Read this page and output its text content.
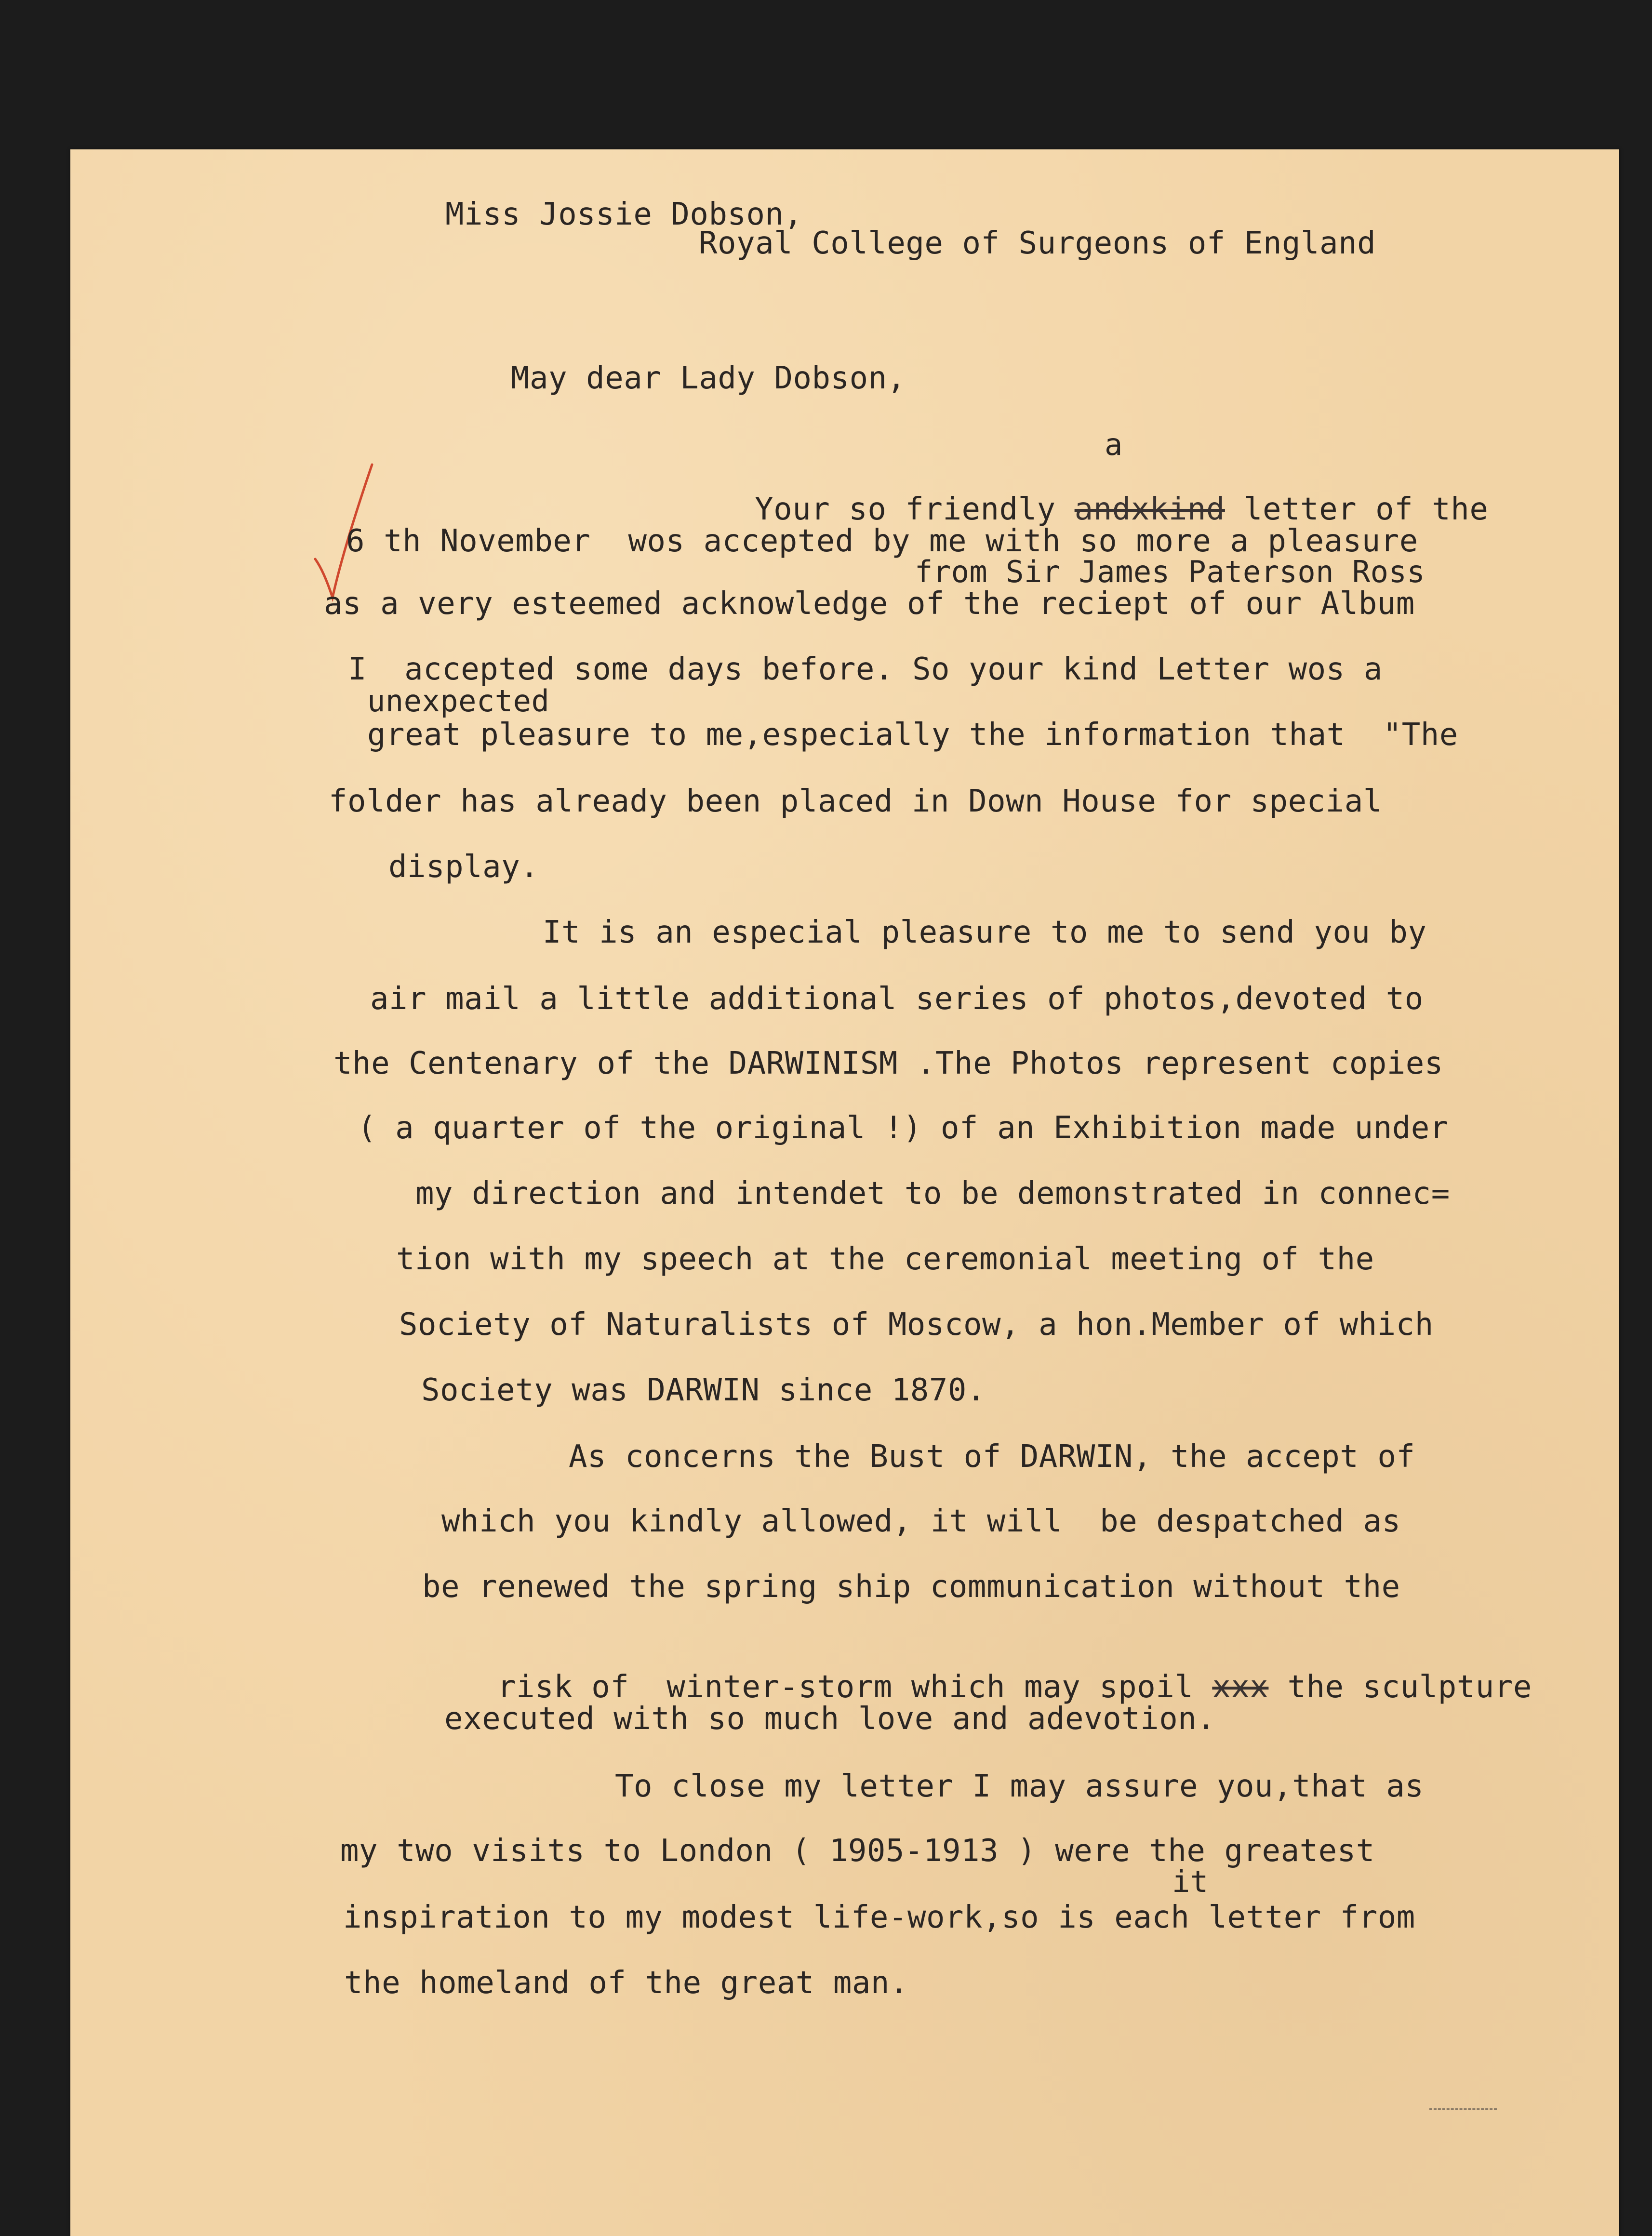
Miss Jossie Dobson,
Royal College of Surgeons of England
May dear Lady Dobson,
a

Your so friendly andxkind letter of the

6 th November  wos accepted by me with so more a pleasure
from Sir James Paterson Ross
as a very esteemed acknowledge of the reciept of our Album
I  accepted some days before. So your kind Letter wos a
unexpected
great pleasure to me,especially the information that  "The
folder has already been placed in Down House for special
display.
It is an especial pleasure to me to send you by
air mail a little additional series of photos,devoted to
the Centenary of the DARWINISM .The Photos represent copies
( a quarter of the original !) of an Exhibition made under
my direction and intendet to be demonstrated in connec=
tion with my speech at the ceremonial meeting of the
Society of Naturalists of Moscow, a hon.Member of which
Society was DARWIN since 1870.
As concerns the Bust of DARWIN, the accept of
which you kindly allowed, it will  be despatched as
be renewed the spring ship communication without the

risk of  winter-storm which may spoil xxx the sculpture

executed with so much love and adevotion.
To close my letter I may assure you,that as
my two visits to London ( 1905-1913 ) were the greatest
it
inspiration to my modest life-work,so is each letter from
the homeland of the great man.
